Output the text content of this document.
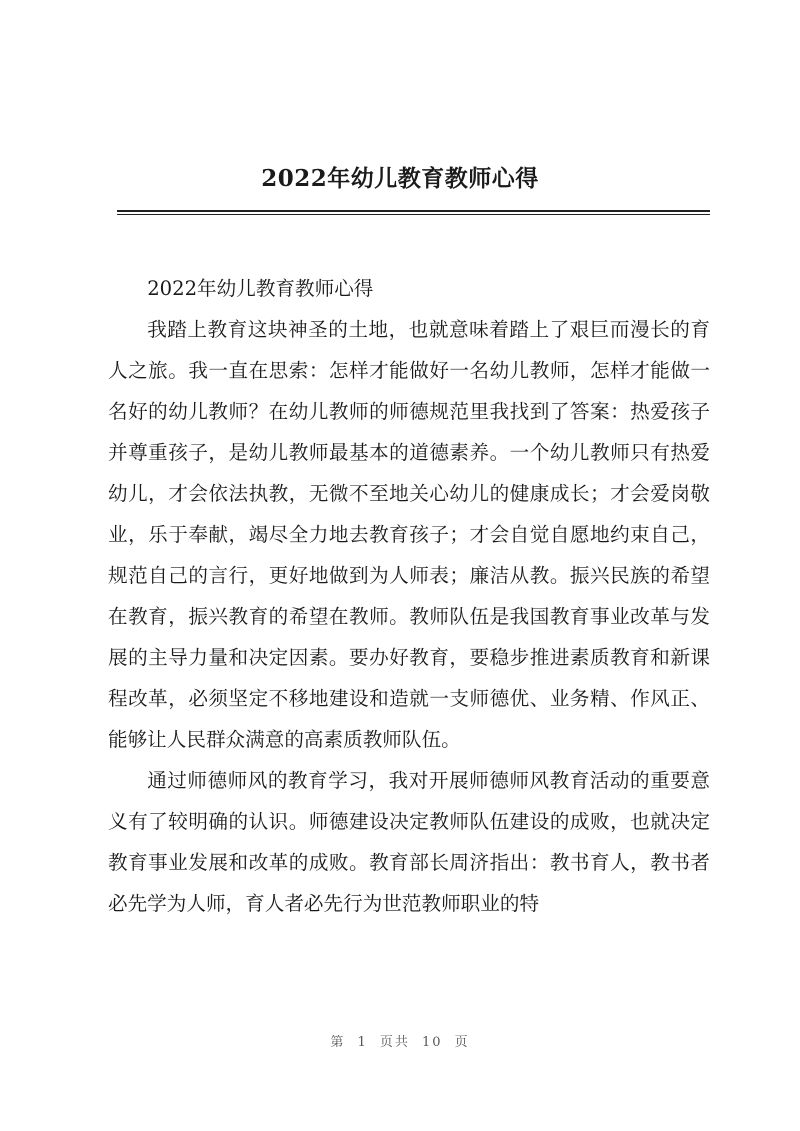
2022年幼儿教育教师心得

2022年幼儿教育教师心得

我踏上教育这块神圣的土地，也就意味着踏上了艰巨而漫长的育人之旅。我一直在思索：怎样才能做好一名幼儿教师，怎样才能做一名好的幼儿教师？在幼儿教师的师德规范里我找到了答案：热爱孩子并尊重孩子，是幼儿教师最基本的道德素养。一个幼儿教师只有热爱幼儿，才会依法执教，无微不至地关心幼儿的健康成长；才会爱岗敬业，乐于奉献，竭尽全力地去教育孩子；才会自觉自愿地约束自己，规范自己的言行，更好地做到为人师表；廉洁从教。振兴民族的希望在教育，振兴教育的希望在教师。教师队伍是我国教育事业改革与发展的主导力量和决定因素。要办好教育，要稳步推进素质教育和新课程改革，必须坚定不移地建设和造就一支师德优、业务精、作风正、能够让人民群众满意的高素质教师队伍。

通过师德师风的教育学习，我对开展师德师风教育活动的重要意义有了较明确的认识。师德建设决定教师队伍建设的成败，也就决定教育事业发展和改革的成败。教育部长周济指出：教书育人，教书者必先学为人师，育人者必先行为世范教师职业的特

第 1 页共 10 页
